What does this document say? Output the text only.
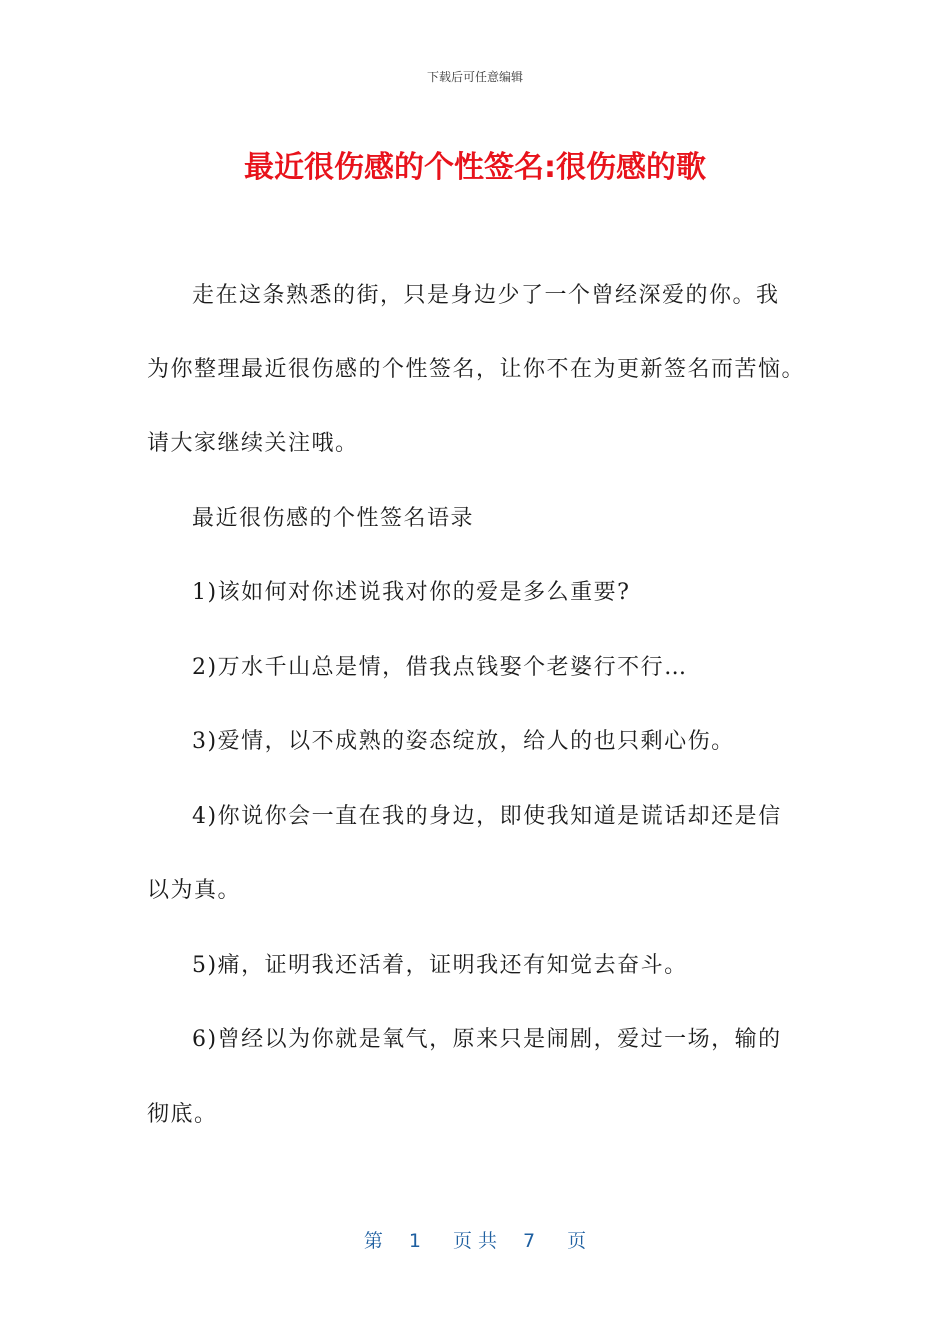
下载后可任意编辑
最近很伤感的个性签名:很伤感的歌
走在这条熟悉的街，只是身边少了一个曾经深爱的你。我
为你整理最近很伤感的个性签名，让你不在为更新签名而苦恼。
请大家继续关注哦。
最近很伤感的个性签名语录
1)该如何对你述说我对你的爱是多么重要?
2)万水千山总是情，借我点钱娶个老婆行不行…
3)爱情，以不成熟的姿态绽放，给人的也只剩心伤。
4)你说你会一直在我的身边，即使我知道是谎话却还是信
以为真。
5)痛，证明我还活着，证明我还有知觉去奋斗。
6)曾经以为你就是氧气，原来只是闹剧，爱过一场，输的
彻底。
第 1 页 共 7 页
